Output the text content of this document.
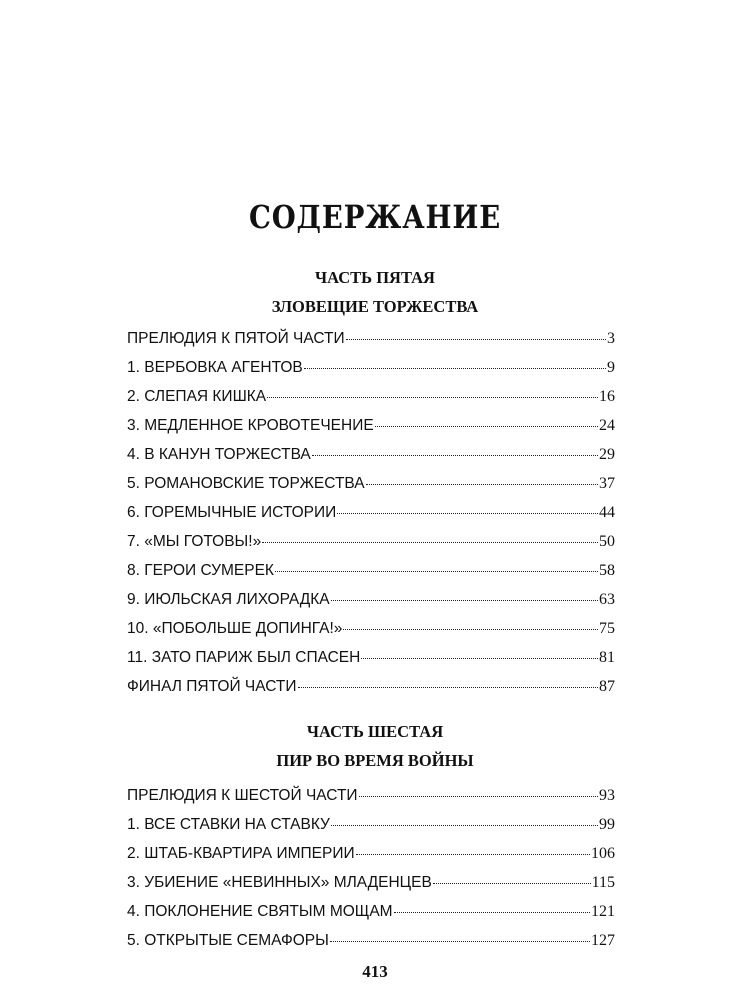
СОДЕРЖАНИЕ
ЧАСТЬ ПЯТАЯ
ЗЛОВЕЩИЕ ТОРЖЕСТВА
ПРЕЛЮДИЯ К ПЯТОЙ ЧАСТИ	3
1. ВЕРБОВКА АГЕНТОВ	9
2. СЛЕПАЯ КИШКА	16
3. МЕДЛЕННОЕ КРОВОТЕЧЕНИЕ	24
4. В КАНУН ТОРЖЕСТВА	29
5. РОМАНОВСКИЕ ТОРЖЕСТВА	37
6. ГОРЕМЫЧНЫЕ ИСТОРИИ	44
7. «МЫ ГОТОВЫ!»	50
8. ГЕРОИ СУМЕРЕК	58
9. ИЮЛЬСКАЯ ЛИХОРАДКА	63
10. «ПОБОЛЬШЕ ДОПИНГА!»	75
11. ЗАТО ПАРИЖ БЫЛ СПАСЕН	81
ФИНАЛ ПЯТОЙ ЧАСТИ	87
ЧАСТЬ ШЕСТАЯ
ПИР ВО ВРЕМЯ ВОЙНЫ
ПРЕЛЮДИЯ К ШЕСТОЙ ЧАСТИ	93
1. ВСЕ СТАВКИ НА СТАВКУ	99
2. ШТАБ-КВАРТИРА ИМПЕРИИ	106
3. УБИЕНИЕ «НЕВИННЫХ» МЛАДЕНЦЕВ	115
4. ПОКЛОНЕНИЕ СВЯТЫМ МОЩАМ	121
5. ОТКРЫТЫЕ СЕМАФОРЫ	127
413
